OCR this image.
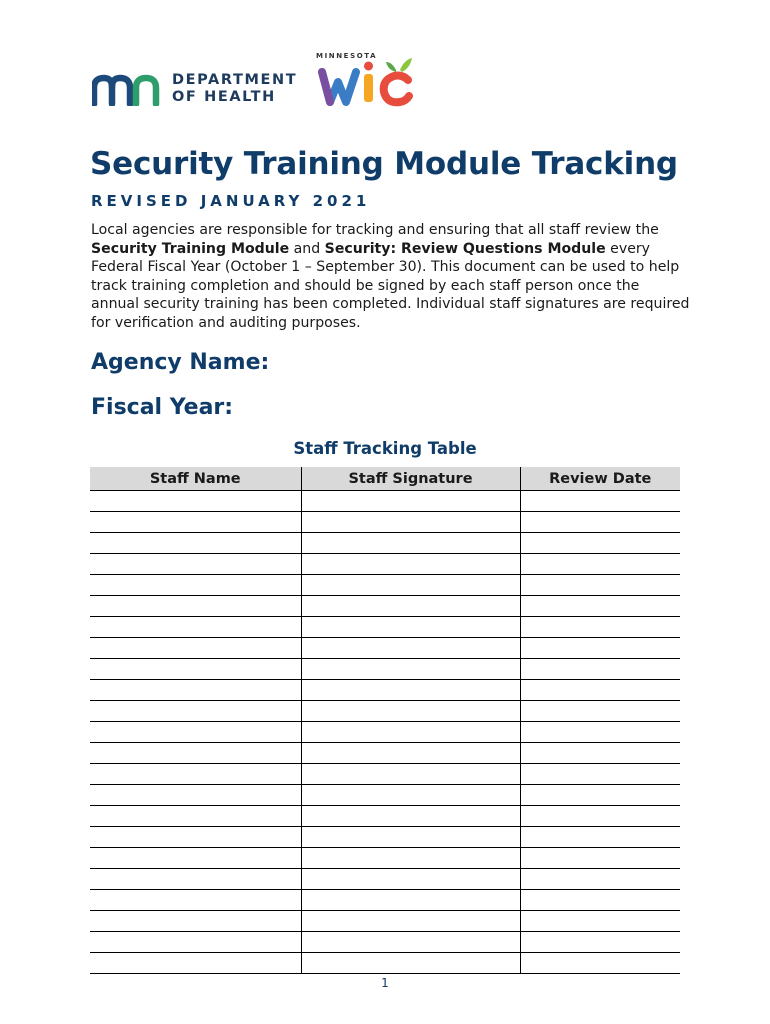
DEPARTMENT
OF HEALTH
MINNESOTA
Security Training Module Tracking
REVISED JANUARY 2021

Local agencies are responsible for tracking and ensuring that all staff review the Security Training Module and Security: Review Questions Module every Federal Fiscal Year (October 1 – September 30). This document can be used to help track training completion and should be signed by each staff person once the annual security training has been completed. Individual staff signatures are required for verification and auditing purposes.

Agency Name:
Fiscal Year:
Staff Tracking Table
Staff Name	Staff Signature	Review Date

1
